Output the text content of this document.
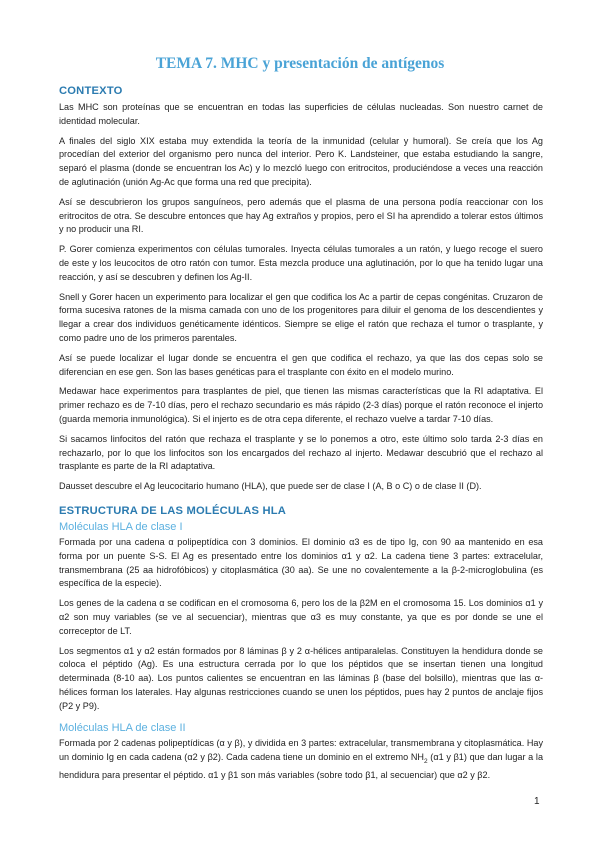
TEMA 7. MHC y presentación de antígenos
CONTEXTO

Las MHC son proteínas que se encuentran en todas las superficies de células nucleadas. Son nuestro carnet de identidad molecular.

A finales del siglo XIX estaba muy extendida la teoría de la inmunidad (celular y humoral). Se creía que los Ag procedían del exterior del organismo pero nunca del interior. Pero K. Landsteiner, que estaba estudiando la sangre, separó el plasma (donde se encuentran los Ac) y lo mezcló luego con eritrocitos, produciéndose a veces una reacción de aglutinación (unión Ag-Ac que forma una red que precipita).

Así se descubrieron los grupos sanguíneos, pero además que el plasma de una persona podía reaccionar con los eritrocitos de otra. Se descubre entonces que hay Ag extraños y propios, pero el SI ha aprendido a tolerar estos últimos y no producir una RI.

P. Gorer comienza experimentos con células tumorales. Inyecta células tumorales a un ratón, y luego recoge el suero de este y los leucocitos de otro ratón con tumor. Esta mezcla produce una aglutinación, por lo que ha tenido lugar una reacción, y así se descubren y definen los Ag-II.

Snell y Gorer hacen un experimento para localizar el gen que codifica los Ac a partir de cepas congénitas. Cruzaron de forma sucesiva ratones de la misma camada con uno de los progenitores para diluir el genoma de los descendientes y llegar a crear dos individuos genéticamente idénticos. Siempre se elige el ratón que rechaza el tumor o trasplante, y como padre uno de los primeros parentales.

Así se puede localizar el lugar donde se encuentra el gen que codifica el rechazo, ya que las dos cepas solo se diferencian en ese gen. Son las bases genéticas para el trasplante con éxito en el modelo murino.

Medawar hace experimentos para trasplantes de piel, que tienen las mismas características que la RI adaptativa. El primer rechazo es de 7-10 días, pero el rechazo secundario es más rápido (2-3 días) porque el ratón reconoce el injerto (guarda memoria inmunológica). Si el injerto es de otra cepa diferente, el rechazo vuelve a tardar 7-10 días.

Si sacamos linfocitos del ratón que rechaza el trasplante y se lo ponemos a otro, este último solo tarda 2-3 días en rechazarlo, por lo que los linfocitos son los encargados del rechazo al injerto. Medawar descubrió que el rechazo al trasplante es parte de la RI adaptativa.

Dausset descubre el Ag leucocitario humano (HLA), que puede ser de clase I (A, B o C) o de clase II (D).

ESTRUCTURA DE LAS MOLÉCULAS HLA
Moléculas HLA de clase I

Formada por una cadena α polipeptídica con 3 dominios. El dominio α3 es de tipo Ig, con 90 aa mantenido en esa forma por un puente S-S. El Ag es presentado entre los dominios α1 y α2. La cadena tiene 3 partes: extracelular, transmembrana (25 aa hidrofóbicos) y citoplasmática (30 aa). Se une no covalentemente a la β-2-microglobulina (es específica de la especie).

Los genes de la cadena α se codifican en el cromosoma 6, pero los de la β2M en el cromosoma 15. Los dominios α1 y α2 son muy variables (se ve al secuenciar), mientras que α3 es muy constante, ya que es por donde se une el correceptor de LT.

Los segmentos α1 y α2 están formados por 8 láminas β y 2 α-hélices antiparalelas. Constituyen la hendidura donde se coloca el péptido (Ag). Es una estructura cerrada por lo que los péptidos que se insertan tienen una longitud determinada (8-10 aa). Los puntos calientes se encuentran en las láminas β (base del bolsillo), mientras que las α-hélices forman los laterales. Hay algunas restricciones cuando se unen los péptidos, pues hay 2 puntos de anclaje fijos (P2 y P9).

Moléculas HLA de clase II

Formada por 2 cadenas polipeptídicas (α y β), y dividida en 3 partes: extracelular, transmembrana y citoplasmática. Hay un dominio Ig en cada cadena (α2 y β2). Cada cadena tiene un dominio en el extremo $NH_2$ (α1 y β1) que dan lugar a la hendidura para presentar el péptido. α1 y β1 son más variables (sobre todo β1, al secuenciar) que α2 y β2.

1
